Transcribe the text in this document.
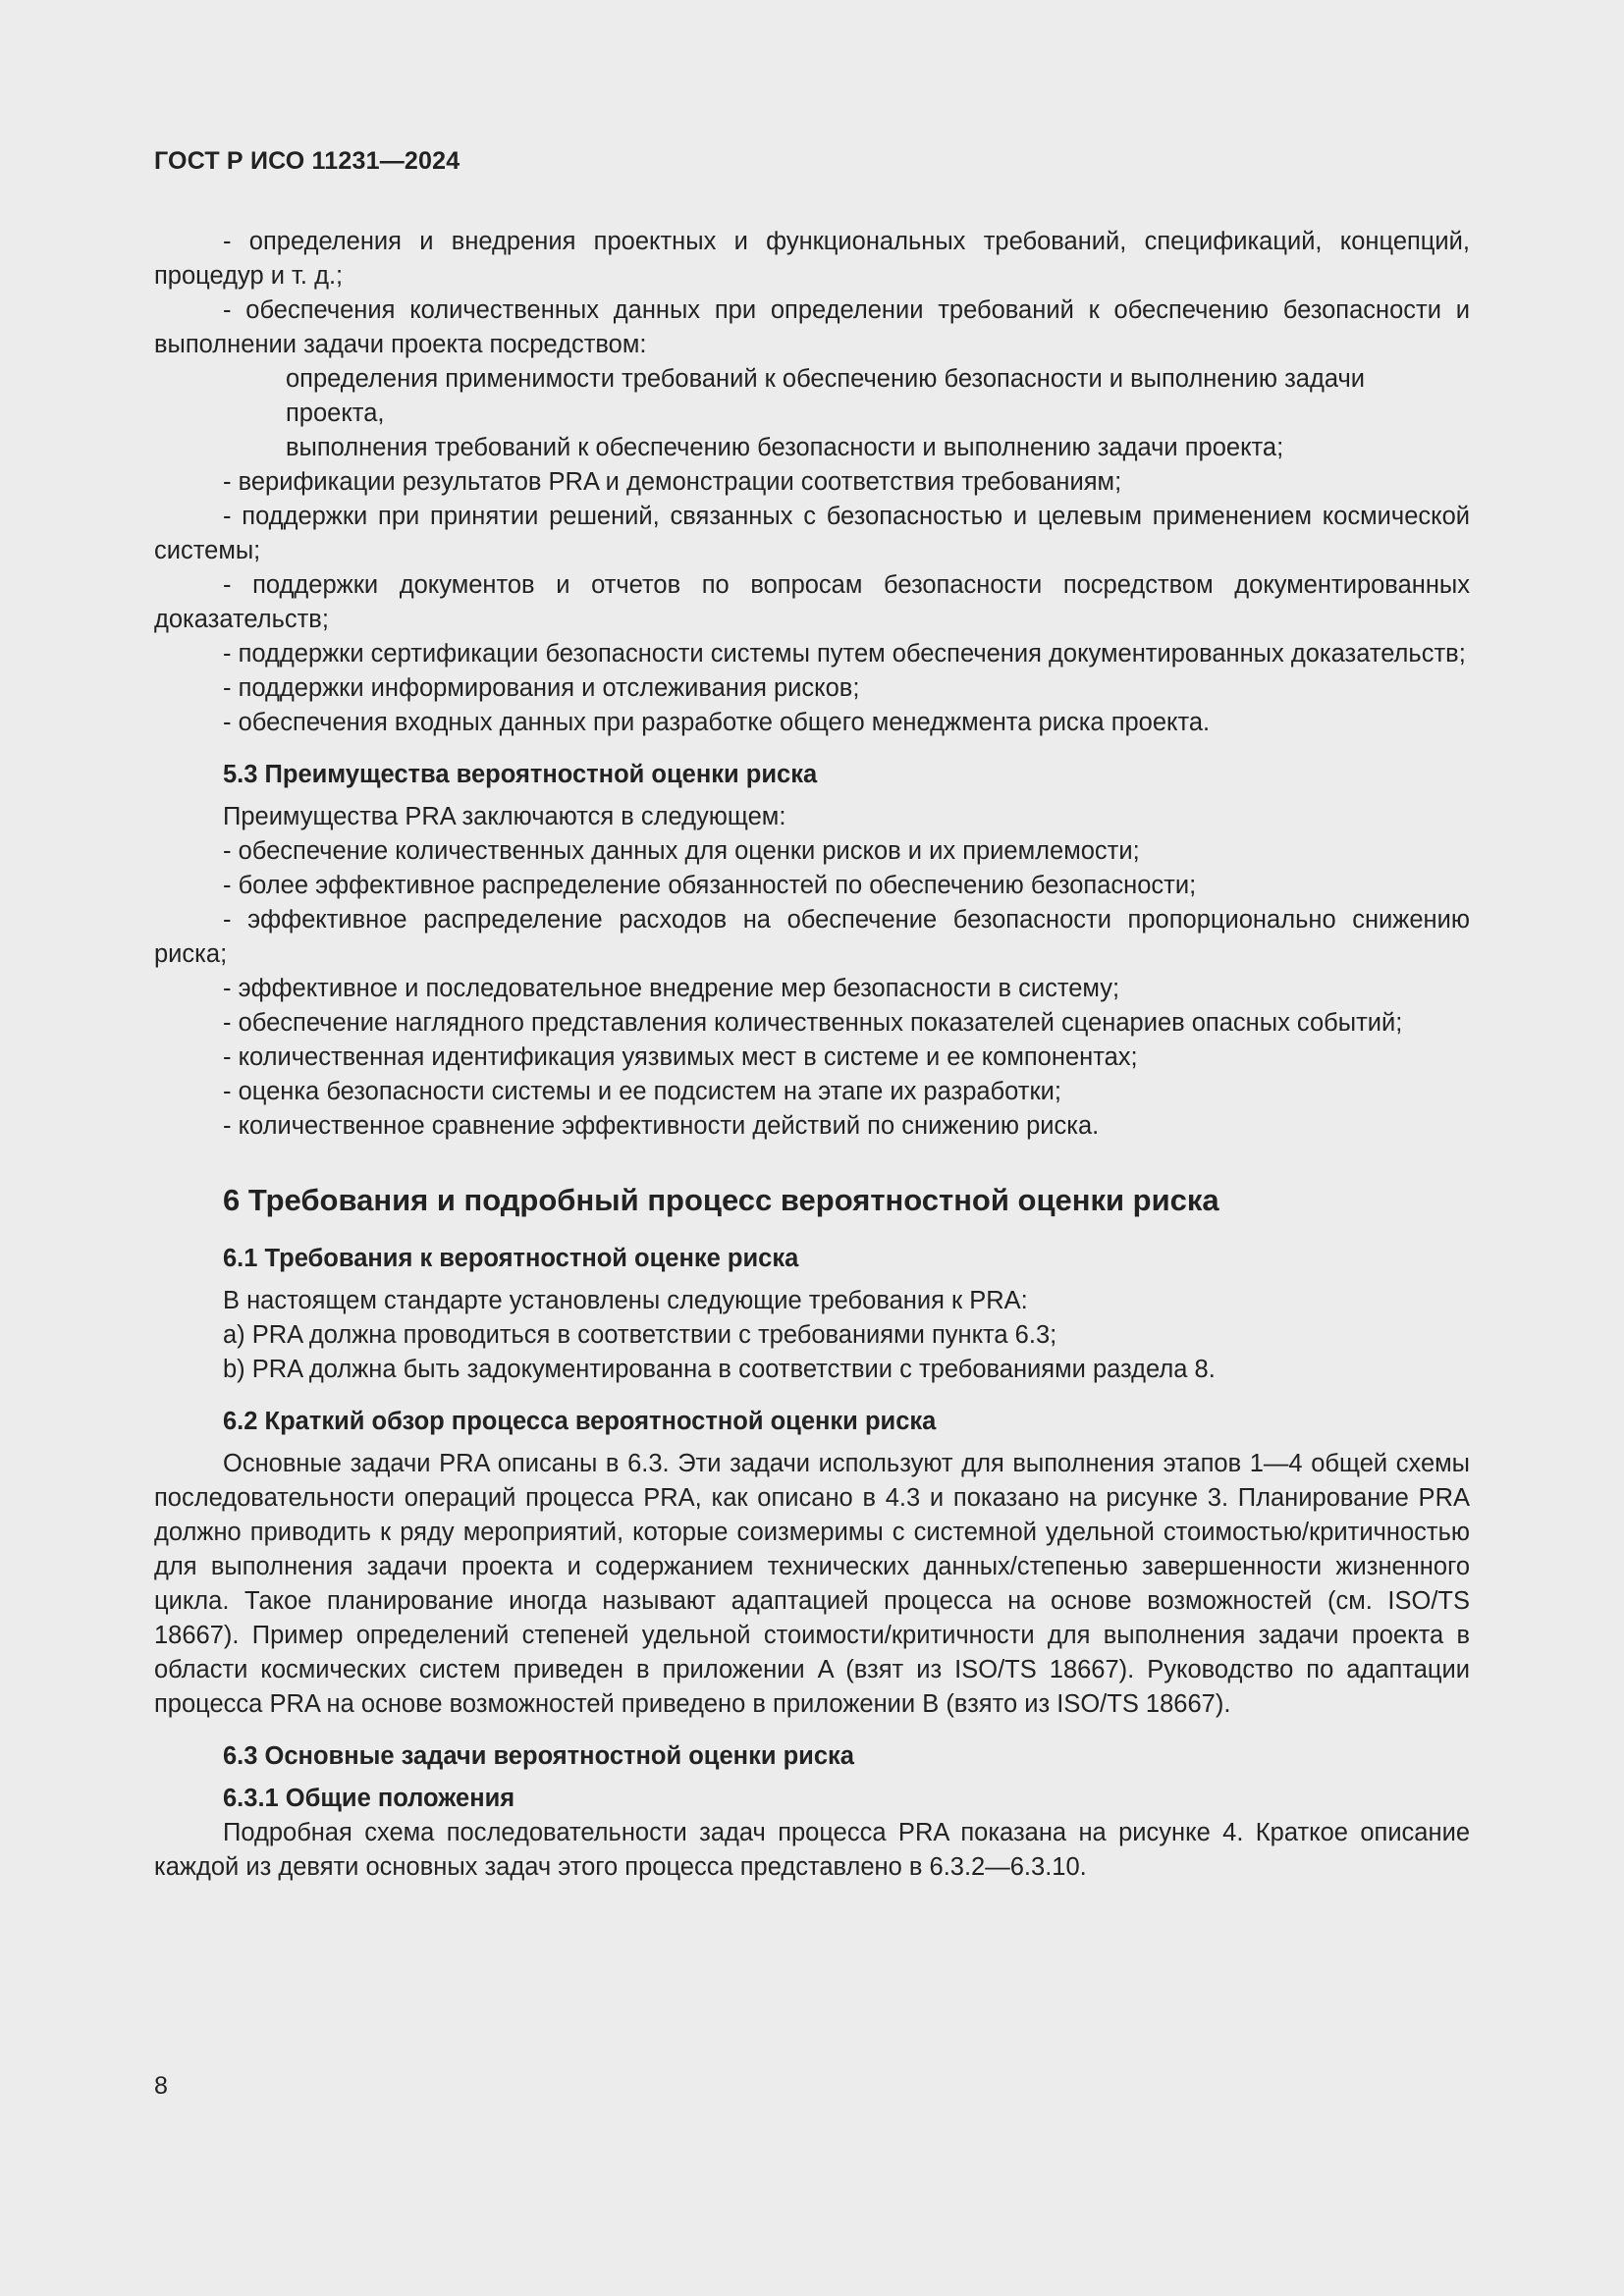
ГОСТ Р ИСО 11231—2024

- определения и внедрения проектных и функциональных требований, спецификаций, концепций, процедур и т. д.;

- обеспечения количественных данных при определении требований к обеспечению безопасности и выполнении задачи проекта посредством:

определения применимости требований к обеспечению безопасности и выполнению задачи проекта,

выполнения требований к обеспечению безопасности и выполнению задачи проекта;

- верификации результатов PRA и демонстрации соответствия требованиям;

- поддержки при принятии решений, связанных с безопасностью и целевым применением космической системы;

- поддержки документов и отчетов по вопросам безопасности посредством документированных доказательств;

- поддержки сертификации безопасности системы путем обеспечения документированных доказательств;

- поддержки информирования и отслеживания рисков;

- обеспечения входных данных при разработке общего менеджмента риска проекта.

5.3 Преимущества вероятностной оценки риска

Преимущества PRA заключаются в следующем:

- обеспечение количественных данных для оценки рисков и их приемлемости;

- более эффективное распределение обязанностей по обеспечению безопасности;

- эффективное распределение расходов на обеспечение безопасности пропорционально снижению риска;

- эффективное и последовательное внедрение мер безопасности в систему;

- обеспечение наглядного представления количественных показателей сценариев опасных событий;

- количественная идентификация уязвимых мест в системе и ее компонентах;

- оценка безопасности системы и ее подсистем на этапе их разработки;

- количественное сравнение эффективности действий по снижению риска.

6 Требования и подробный процесс вероятностной оценки риска
6.1 Требования к вероятностной оценке риска

В настоящем стандарте установлены следующие требования к PRA:

a) PRA должна проводиться в соответствии с требованиями пункта 6.3;

b) PRA должна быть задокументированна в соответствии с требованиями раздела 8.

6.2 Краткий обзор процесса вероятностной оценки риска

Основные задачи PRA описаны в 6.3. Эти задачи используют для выполнения этапов 1—4 общей схемы последовательности операций процесса PRA, как описано в 4.3 и показано на рисунке 3. Планирование PRA должно приводить к ряду мероприятий, которые соизмеримы с системной удельной стоимостью/критичностью для выполнения задачи проекта и содержанием технических данных/степенью завершенности жизненного цикла. Такое планирование иногда называют адаптацией процесса на основе возможностей (см. ISO/TS 18667). Пример определений степеней удельной стоимости/критичности для выполнения задачи проекта в области космических систем приведен в приложении A (взят из ISO/TS 18667). Руководство по адаптации процесса PRA на основе возможностей приведено в приложении B (взято из ISO/TS 18667).

6.3 Основные задачи вероятностной оценки риска
6.3.1 Общие положения

Подробная схема последовательности задач процесса PRA показана на рисунке 4. Краткое описание каждой из девяти основных задач этого процесса представлено в 6.3.2—6.3.10.

8
